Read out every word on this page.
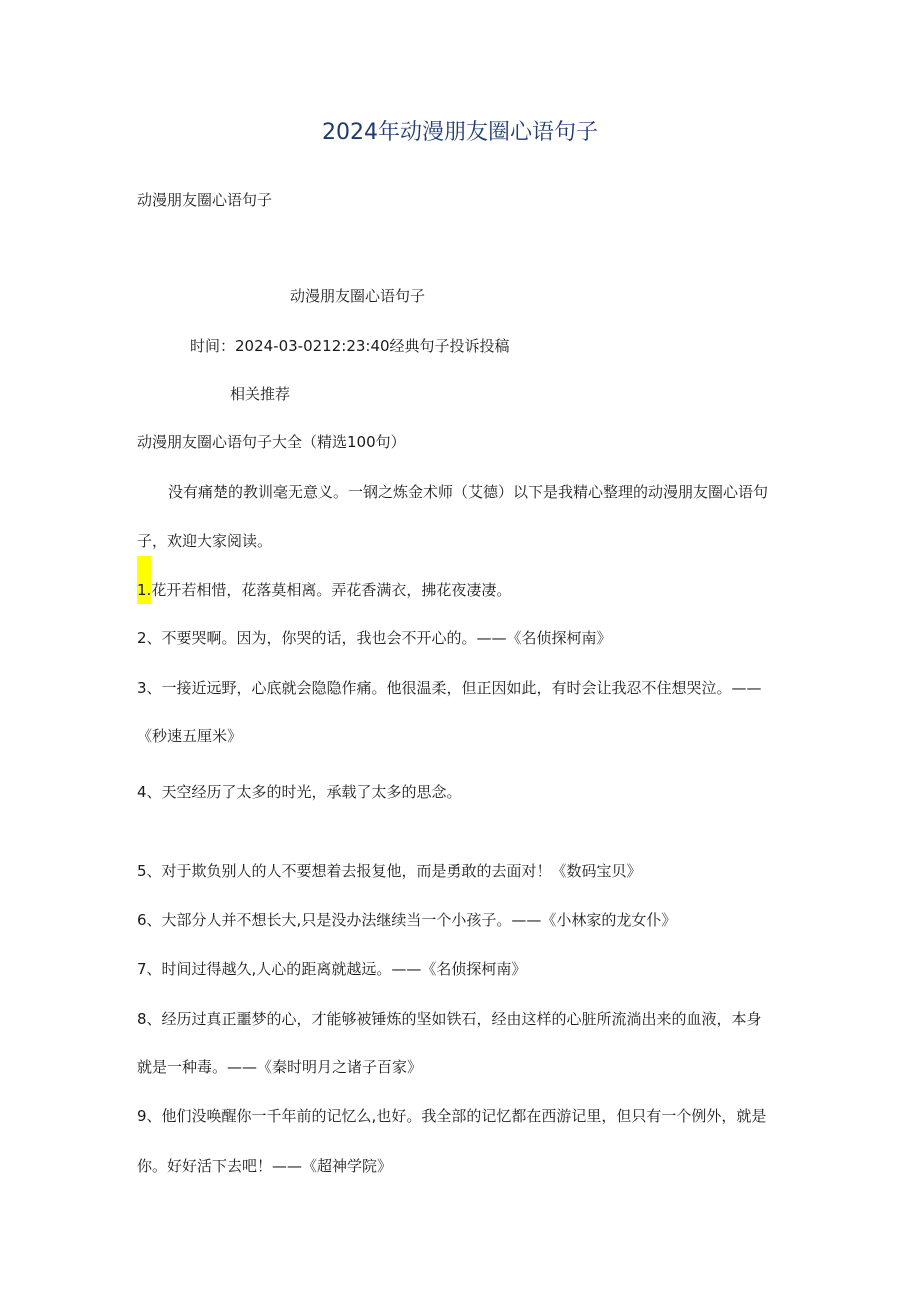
2024年动漫朋友圈心语句子
动漫朋友圈心语句子
动漫朋友圈心语句子
时间：2024-03-0212:23:40经典句子投诉投稿
相关推荐
动漫朋友圈心语句子大全（精选100句）
没有痛楚的教训毫无意义。一钢之炼金术师（艾德）以下是我精心整理的动漫朋友圈心语句
子，欢迎大家阅读。
1.花开若相惜，花落莫相离。弄花香满衣，拂花夜凄凄。
2、不要哭啊。因为，你哭的话，我也会不开心的。——《名侦探柯南》
3、一接近远野，心底就会隐隐作痛。他很温柔，但正因如此，有时会让我忍不住想哭泣。——
《秒速五厘米》
4、天空经历了太多的时光，承载了太多的思念。
5、对于欺负别人的人不要想着去报复他，而是勇敢的去面对！《数码宝贝》
6、大部分人并不想长大,只是没办法继续当一个小孩子。——《小林家的龙女仆》
7、时间过得越久,人心的距离就越远。——《名侦探柯南》
8、经历过真正噩梦的心，才能够被锤炼的坚如铁石，经由这样的心脏所流淌出来的血液，本身
就是一种毒。——《秦时明月之诸子百家》
9、他们没唤醒你一千年前的记忆么,也好。我全部的记忆都在西游记里，但只有一个例外，就是
你。好好活下去吧！——《超神学院》
